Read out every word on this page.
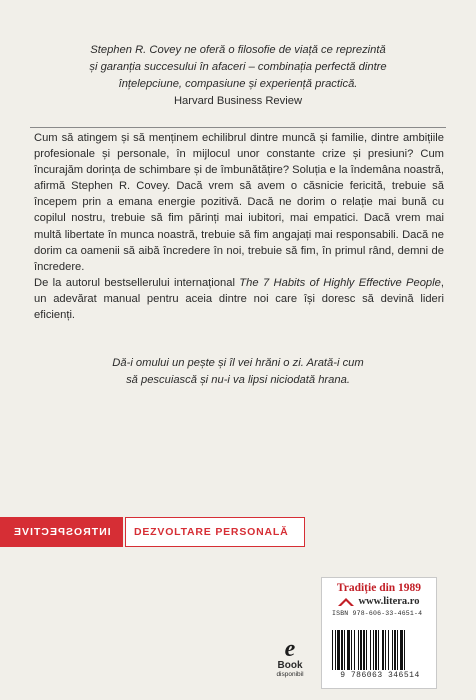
Stephen R. Covey ne oferă o filosofie de viață ce reprezintă
și garanția succesului în afaceri – combinația perfectă dintre
înțelepciune, compasiune și experiență practică.
Harvard Business Review

Cum să atingem și să menținem echilibrul dintre muncă și familie, dintre ambițiile profesionale și personale, în mijlocul unor constante crize și presiuni? Cum încurajăm dorința de schimbare și de îmbunătățire? Soluția e la îndemâna noastră, afirmă Stephen R. Covey. Dacă vrem să avem o căsnicie fericită, trebuie să începem prin a emana energie pozitivă. Dacă ne dorim o relație mai bună cu copilul nostru, trebuie să fim părinți mai iubitori, mai empatici. Dacă vrem mai multă libertate în munca noastră, trebuie să fim angajați mai responsabili. Dacă ne dorim ca oamenii să aibă încredere în noi, trebuie să fim, în primul rând, demni de încredere.

De la autorul bestsellerului internațional The 7 Habits of Highly Effective People, un adevărat manual pentru aceia dintre noi care își doresc să devină lideri eficienți.

Dă-i omului un pește și îl vei hrăni o zi. Arată-i cum
să pescuiască și nu-i va lipsi niciodată hrana.
INTROSPECTIVE DEZVOLTARE PERSONALĂ
e
Book
disponibil
Tradiție din 1989
www.litera.ro
ISBN 978-606-33-4651-4
9 786063 346514
